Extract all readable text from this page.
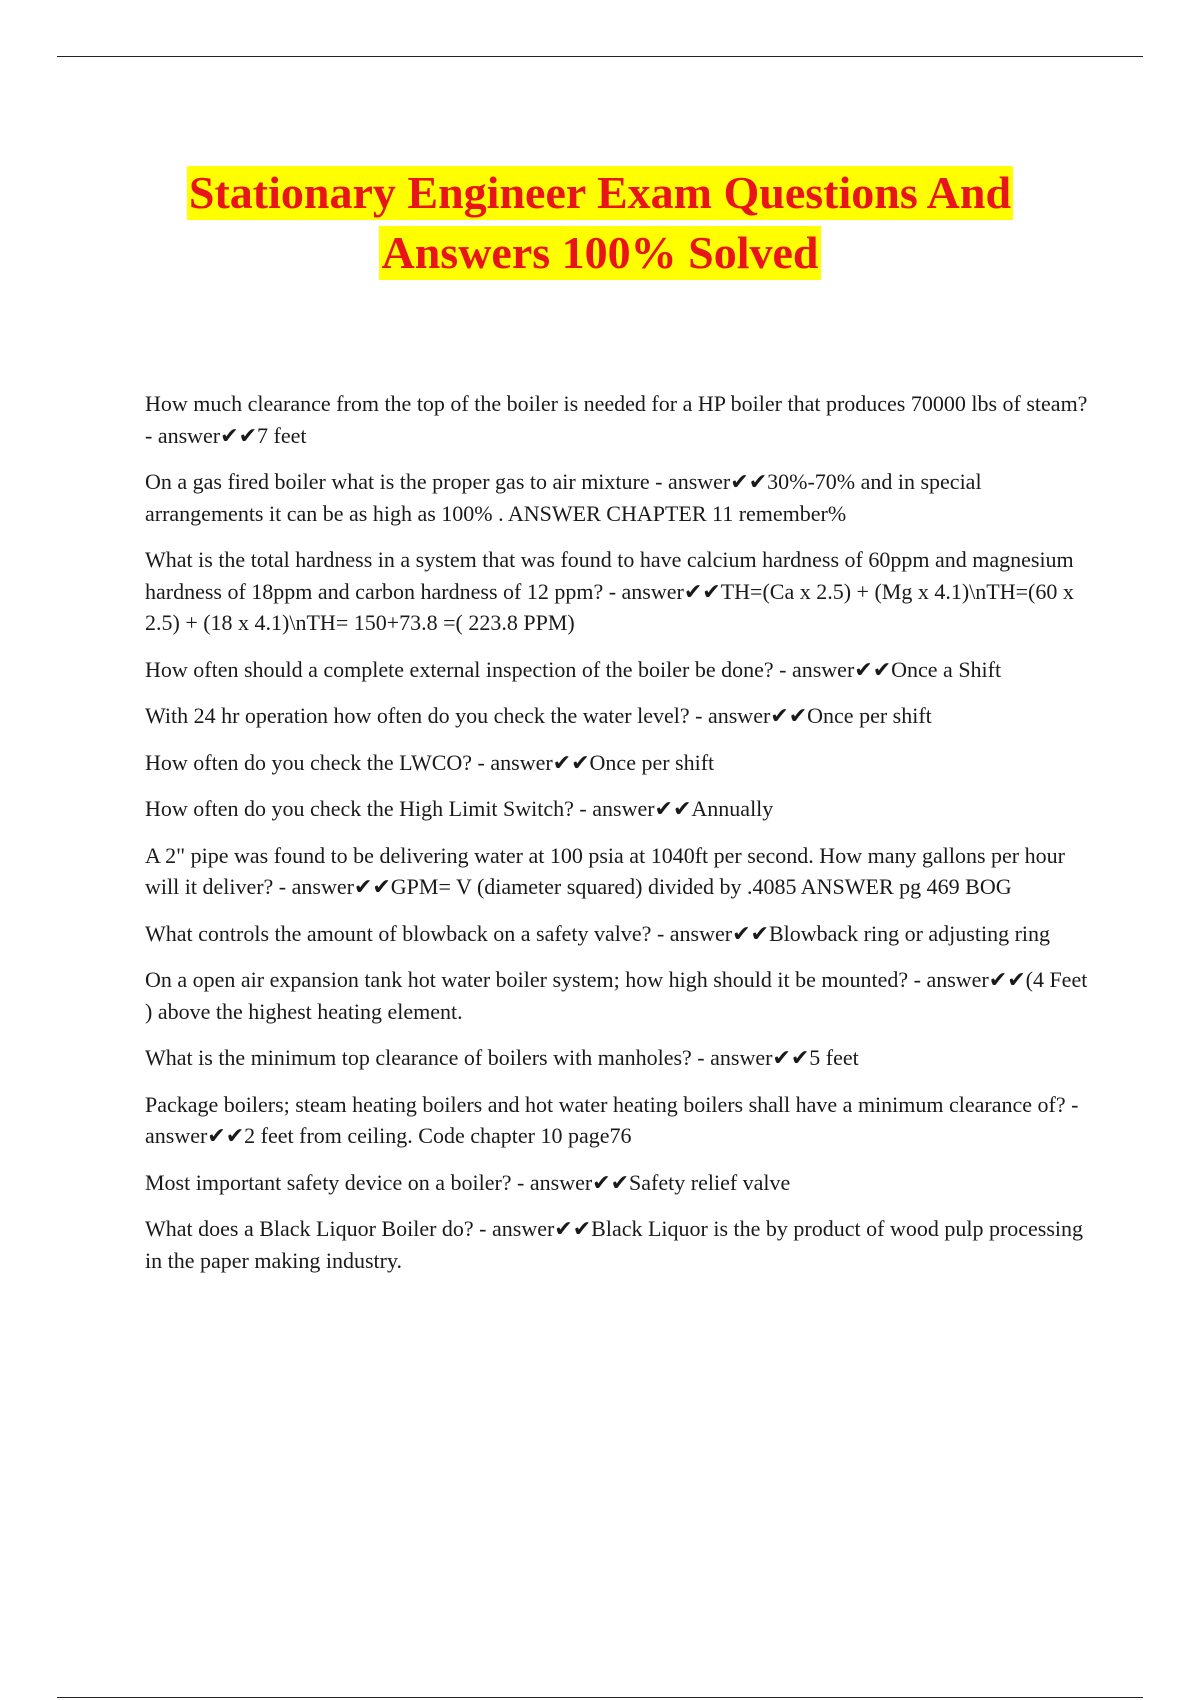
Stationary Engineer Exam Questions And
Answers 100% Solved

How much clearance from the top of the boiler is needed for a HP boiler that produces 70000 lbs of steam? - answer✔✔7 feet

On a gas fired boiler what is the proper gas to air mixture - answer✔✔30%-70% and in special arrangements it can be as high as 100% . ANSWER CHAPTER 11 remember%

What is the total hardness in a system that was found to have calcium hardness of 60ppm and magnesium hardness of 18ppm and carbon hardness of 12 ppm? - answer✔✔TH=(Ca x 2.5) + (Mg x 4.1)\nTH=(60 x 2.5) + (18 x 4.1)\nTH= 150+73.8 =( 223.8 PPM)

How often should a complete external inspection of the boiler be done? - answer✔✔Once a Shift

With 24 hr operation how often do you check the water level? - answer✔✔Once per shift

How often do you check the LWCO? - answer✔✔Once per shift

How often do you check the High Limit Switch? - answer✔✔Annually

A 2" pipe was found to be delivering water at 100 psia at 1040ft per second. How many gallons per hour will it deliver? - answer✔✔GPM= V (diameter squared) divided by .4085 ANSWER pg 469 BOG

What controls the amount of blowback on a safety valve? - answer✔✔Blowback ring or adjusting ring

On a open air expansion tank hot water boiler system; how high should it be mounted? - answer✔✔(4 Feet ) above the highest heating element.

What is the minimum top clearance of boilers with manholes? - answer✔✔5 feet

Package boilers; steam heating boilers and hot water heating boilers shall have a minimum clearance of? - answer✔✔2 feet from ceiling. Code chapter 10 page76

Most important safety device on a boiler? - answer✔✔Safety relief valve

What does a Black Liquor Boiler do? - answer✔✔Black Liquor is the by product of wood pulp processing in the paper making industry.
